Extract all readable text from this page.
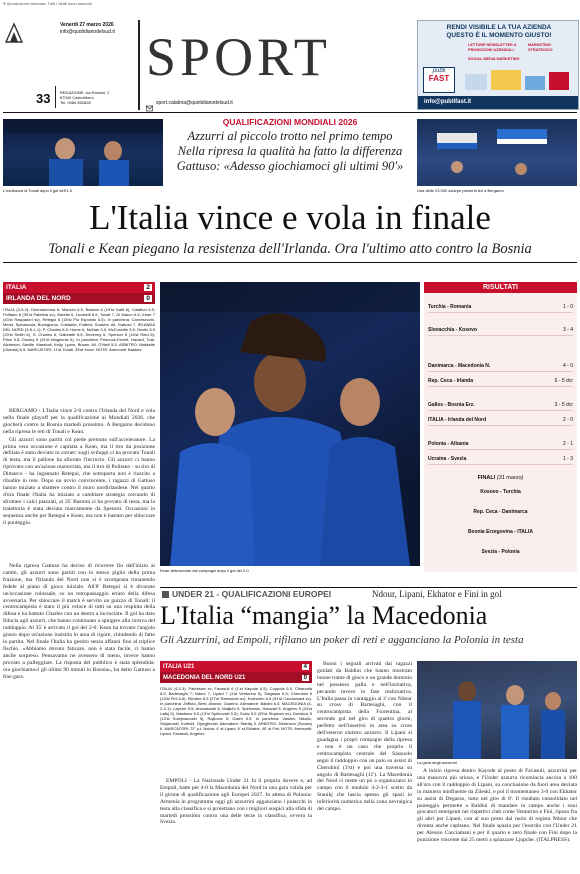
® riproduzione riservata. Tutti i diritti sono riservati
Venerdì 27 marzo 2026
info@quotidianodelsud.it
33 REDAZIONE: via Rossini, 2
87040 Castrolibero
Tel. 0984 852828
SPORT
sport.calabria@quotidianodelsud.it
RENDI VISIBILE LA TUA AZIENDA
QUESTO È IL MOMENTO GIUSTO!
LETTURE NEWSLETTER & PROMOZIONI AZIENDALI
MARKETING STRATEGICO
SOCIAL MEDIA MARKETING
publi
FAST
info@publifast.it
QUALIFICAZIONI MONDIALI 2026
L'esultanza di Tonali dopo il gol dell'1-0
Azzurri al piccolo trotto nel primo tempo
Nella ripresa la qualità ha fatto la differenza
Gattuso: «Adesso giochiamoci gli ultimi 90'»
Una delle 23.000 sciarpe presenti ieri a Bergamo
L'Italia vince e vola in finale
Tonali e Kean piegano la resistenza dell'Irlanda. Ora l'ultimo atto contro la Bosnia
ITALIA	2
IRLANDA DEL NORD	0
ITALIA (3-5-2): Donnarumma 6; Mancini 6.5, Bastoni 6 (19'st Gatti 6), Calafiori 6.5; Politano 6 (30'st Palestra sv), Barella 6, Locatelli 6.5, Tonali 7, Di Marco 6.5; Kean 7 (43'st Raspadori sv), Retegui 6 (15'st Pio Esposito 6.5). In panchina: Carnesecchi, Meret, Spinazzola, Buongiorno, Cristante, Frattesi, Scalvini. All. Gattuso 7. IRLANDA DEL NORD (3-5-1-1): P. Charles 6.5; Hume 6, McNair 5.5, McConville 5.5; Devlin 5.5 (23'st Smith 6), S. Charles 6, Galbraith 6.5, Devenny 6, Spencer 6 (16'st Reid 6); Price 5.5; Donley 5 (31'st Magennis 6). In panchina: Peacock-Farrell, Hazard, Toal, Atcheson, Saville, Marshall, Kelly, Lyons, Brown. All. O'Neill 5.5. ARBITRO: Makkelie (Olanda) 6.5. MARCATORI: 11'st Tonali, 35'st Kean. NOTE: Ammoniti: Bastoni.

BERGAMO - L'Italia vince 2-0 contro l'Irlanda del Nord e vola nella finale playoff per la qualificazione ai Mondiali 2026, che giocherà contro la Bosnia martedì prossimo. A Bergamo decidono nella ripresa le reti di Tonali e Kean.

Gli azzurri sono partiti col piede premuto sull'acceleratore. La prima vera occasione è capitata a Kean, ma il tiro da posizione defilata è stato deviato in corner: sugli sviluppi ci ha provato Tonali di testa, ma il pallone ha sfiorato l'incrocio. Gli azzurri ci hanno riprovato con un'azione manovrata, ma il tiro di Politano - su tiro di Dimarco - ha ingannato Retegui, che sottoporta non è riuscito a ribadire in rete. Dopo un avvio convincente, i ragazzi di Gattuso hanno iniziato a sbattere contro il muro nordirlandese. Nel quarto d'ora finale l'Italia ha iniziato a cambiare strategia cercando di sfruttare i calci piazzati, al 35' Bastoni ci ha provato di testa, ma la traiettoria è stata deviata marcamente da Spencer. Occasioni in sequenza anche per Retegui e Kean, ma non è bastato per sbloccare il punteggio.

Nella ripresa Gattuso ha deciso di ricorrere fin dall'inizio ai cambi, gli azzurri sono partiti con lo stesso piglio della prima frazione, ma l'Irlanda del Nord non si è scomposta rimanendo fedele al piano di gioco iniziale. All'8' Retegui si è divorato un'occasione colossale, su un retropassaggio errato della difesa avversaria. Per sbloccare il match è servito un guizzo di Tonali: il centrocampista è stato il più veloce di tutti su una respinta della difesa e ha battuto Charles con un destro a incrociare. Il gol ha dato fiducia agli azzurri, che hanno continuato a spingere alla ricerca del raddoppio. Al 35' è arrivato il gol del 2-0: Kean ha trovato l'angolo giusto dopo un'azione insistita in area di rigore, chiudendo di fatto la partita. Nel finale l'Italia ha gestito senza affanni fino al triplice fischio. «Abbiamo dovuto faticare, non è stata facile, ci hanno anche sorpreso. Pensavamo ne avessero di meno, invece hanno provato a palleggiare. La risposta del pubblico è stata splendida: ora giochiamoci gli ultimi 90 minuti in Bosnia», ha detto Gattuso a fine gara.

Kean abbracciato dai compagni dopo il gol del 2-0
RISULTATI
Turchia - Romania	1 - 0
Slovacchia - Kosovo	3 - 4
Danimarca - Macedonia N.	4 - 0
Rep. Ceca - Irlanda	6 - 5 dcr
Galles - Bosnia Erz.	3 - 5 dcr
ITALIA - Irlanda del Nord	2 - 0
Polonia - Albania	2 - 1
Ucraina - Svezia	1 - 3
FINALI (31 marzo)
Kosovo - Turchia
Rep. Ceca - Danimarca
Bosnia Erzegovina - ITALIA
Svezia - Polonia
UNDER 21 - QUALIFICAZIONI EUROPEI	Ndour, Lipani, Ekhator e Fini in gol
L'Italia “mangia” la Macedonia
Gli Azzurrini, ad Empoli, rifilano un poker di reti e agganciano la Polonia in testa
ITALIA U21	4
MACEDONIA DEL NORD U21	0
ITALIA (4-3-3): Palmisani sv; Favasuli 6 (1'st Kayode 6.5), Coppola 6.5, Chiarodia 6.5, Bartesaghi 7; Ndour 7, Lipani 7 (1'st Venturino 6), Degasso 6.5; Cherubini 6 (13'st Fini 6.5), Ekhator 6.5 (27'st Raimondo sv), Koleosho 6.5 (31'st Cacciamani sv). In panchina: Zeffuto, Berti, Ahanor, Guarino. Allenatore: Baldini 6.5. MACEDONIA (4-2-3-1): Lapche 5.5; Arizankoski 6, Maljichi 5, Spirkovski, Hamzaii 5; Angelov 5 (24'st Lalikj 5), Maslarov 5.5 (13'st Spirkovski 5.5); Sokic 5.5 (39'st Stojanov sv), Duriskov 5 (13'st Sulejmanoski 5), Rajkovic 5; Gashi 5.5. In panchina: Vasilev, Nikolic, Stojanoski, Kurtishi, Gjorgjievski. Allenatore: Stanikj 5. ARBITRO: Dickinson (Scozia) 6. MARCATORI: 37' p.t. Ndour, 4' st Lipani, 6' st Ekhator, 40' st Fini. NOTE: Ammoniti: Lipani, Favasuli, Angelov.

EMPOLI - La Nazionale Under 21 fa il proprio dovere e, ad Empoli, batte per 4-0 la Macedonia del Nord in una gara valida per il girone di qualificazione agli Europei 2027. In attesa di Polonia-Armenia in programma oggi gli azzurrini agganciano i polacchi in testa alla classifica e si proiettano con i migliori auspici alla sfida di martedì prossimo contro una delle terze in classifica, ovvero la Svezia.

Buoni i segnali arrivati dai ragazzi guidati da Baldini che hanno mostrato buone trame di gioco e un grande dominio nel possesso palla e nell'iniziativa, pecando invece in fase realizzativa. L'Italia passa in vantaggio al 3' con Ndour su cross di Bartesaghi, con il centrocampista della Fiorentina, al secondo gol nel giro di quattro giorni, perfetto nell'inserirsi in area su cross dell'esterno sinistro azzurro. Il Lipani si guadagna i propri compagni della ripresa e non è un caso che proprio il centrocampista centrale del Sassuolo segni il raddoppio con un palo su assist di Cherubini (3'st) e poi una traversa su angolo di Bartesaghi (11'). La Macedonia del Nord ci mette un pò a organizzarsi in campo con il modulo 4-2-3-1 scelto da Stanikj che lascia spesso gli spazi in inferiorità numerica nella zona nevralgica del campo.

La gioia degli azzurrini

A inizio ripresa dentro Kayode al posto di Favasuli, azzurrini per una manovra più ariosa, e l'Under azzurra ricomincia ancora a 100 all'ora con il raddoppio di Lipani, su conclusione da fuori area deviata in maniera ininfluente da Zileski, e poi il momentaneo 3-0 con Ekhator su assist di Degasso, tutto nel giro di 8'. Il risultato consolidato nel punteggio permette a Baldini di mandare in campo anche i suoi giocatori emergenti nei rispettivi club come Venturino e Fini, riposo fra gli altri per Lipani, con al suo posto dal ruolo di regista Ndour che diventa anche capitano. Nel finale spazio per l'esordio con l'Under 21 per Alessio Cacciamani e per il quarto e zero finale con Fini dopo la punizione vincente dai 25 metri a spiazzare Ljupche. (ITALPRESS).
